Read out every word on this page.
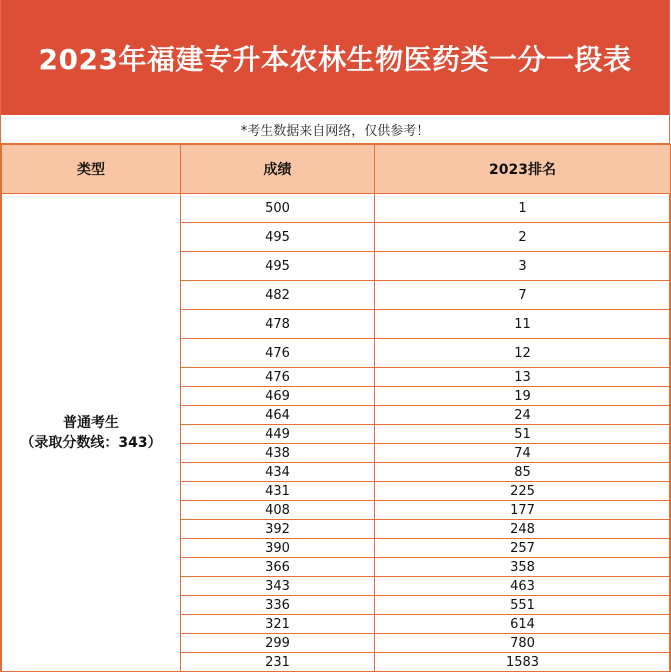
2023年福建专升本农林生物医药类一分一段表
*考生数据来自网络，仅供参考！
类型	成绩	2023排名

普通考生
（录取分数线：343）	500	1
	495	2
	495	3
	482	7
	478	11
	476	12
	476	13
	469	19
	464	24
	449	51
	438	74
	434	85
	431	225
	408	177
	392	248
	390	257
	366	358
	343	463
	336	551
	321	614
	299	780
	231	1583
